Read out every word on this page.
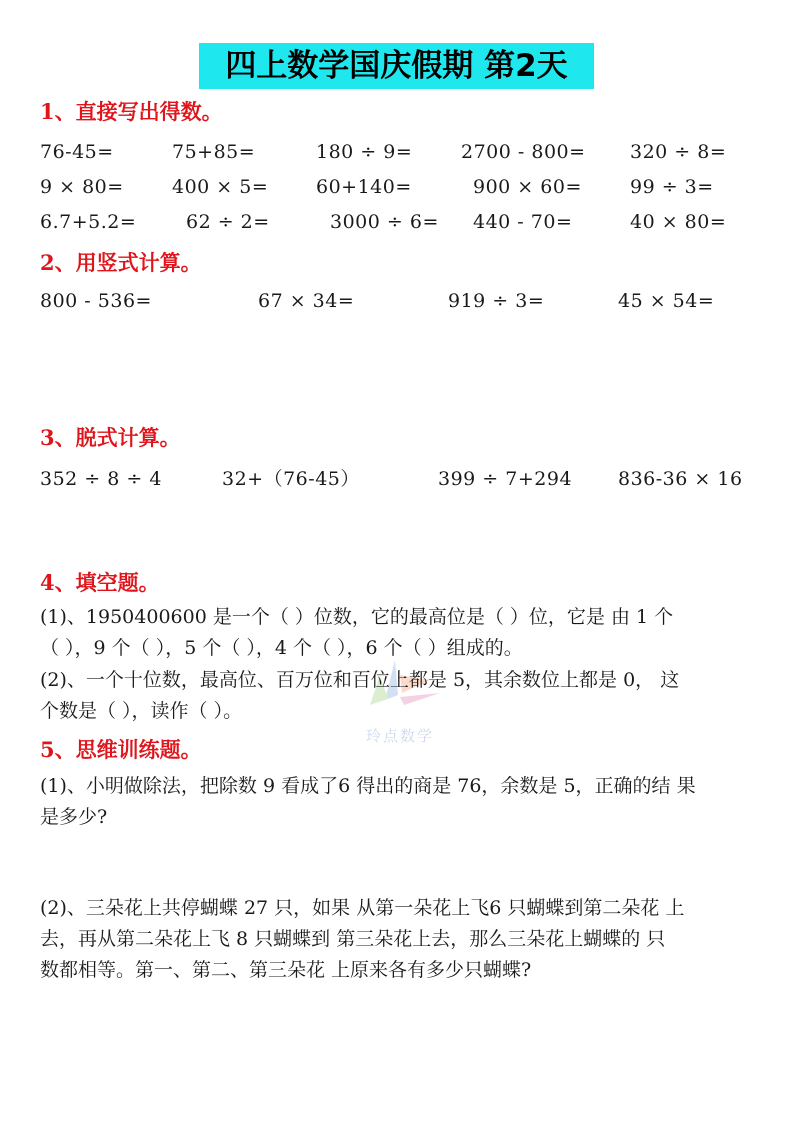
四上数学国庆假期 第2天
1、直接写出得数。
76-45=	75+85=	180 ÷ 9=	2700 - 800= 320 ÷ 8=
9 × 80=	400 × 5=	60+140=	900 × 60=	99 ÷ 3=
6.7+5.2=	62 ÷ 2=	3000 ÷ 6= 440 - 70=	40 × 80=
2、用竖式计算。
800 - 536=	67 × 34=	919 ÷ 3=	45 × 54=
3、脱式计算。
352 ÷ 8 ÷ 4	32+（76-45）	399 ÷ 7+294 836-36 × 16
玲点数学
4、填空题。
(1)、1950400600 是一个（ ）位数，它的最高位是（ ）位，它是 由 1 个
（ ），9 个（ ），5 个（ ），4 个（ ），6 个（ ）组成的。
(2)、一个十位数，最高位、百万位和百位上都是 5，其余数位上都是 0， 这
个数是（ ），读作（ ）。
5、思维训练题。
(1)、小明做除法，把除数 9 看成了6 得出的商是 76，余数是 5，正确的结 果
是多少?
(2)、三朵花上共停蝴蝶 27 只，如果 从第一朵花上飞6 只蝴蝶到第二朵花 上
去，再从第二朵花上飞 8 只蝴蝶到 第三朵花上去，那么三朵花上蝴蝶的 只
数都相等。第一、第二、第三朵花 上原来各有多少只蝴蝶?
